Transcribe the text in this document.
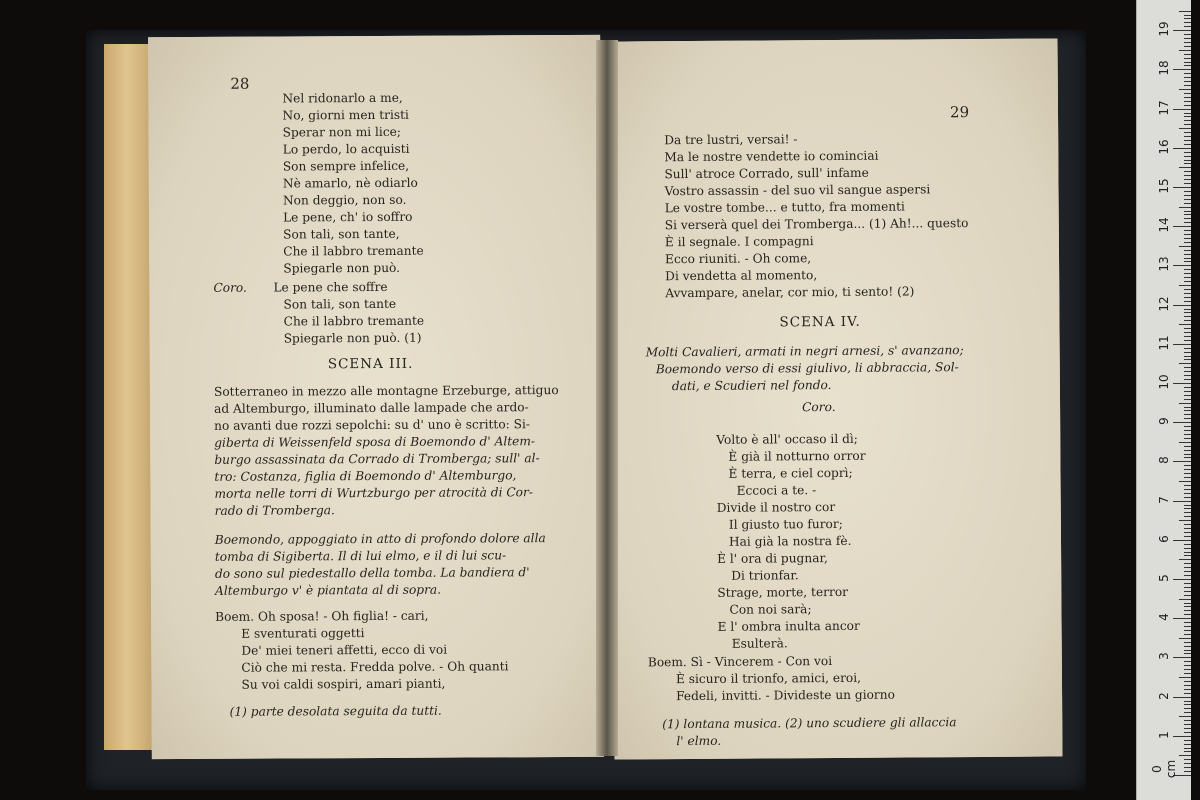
28
Nel ridonarlo a me,
No, giorni men tristi
Sperar non mi lice;
Lo perdo, lo acquisti
Son sempre infelice,
Nè amarlo, nè odiarlo
Non deggio, non so.
Le pene, ch' io soffro
Son tali, son tante,
Che il labbro tremante
Spiegarle non può.
Coro. Le pene che soffre
Son tali, son tante
Che il labbro tremante
Spiegarle non può. (1)
SCENA III.
Sotterraneo in mezzo alle montagne Erzeburge, attiguo
ad Altemburgo, illuminato dalle lampade che ardo-
no avanti due rozzi sepolchi: su d' uno è scritto: Si-
giberta di Weissenfeld sposa di Boemondo d' Altem-
burgo assassinata da Corrado di Tromberga; sull' al-
tro: Costanza, figlia di Boemondo d' Altemburgo,
morta nelle torri di Wurtzburgo per atrocità di Cor-
rado di Tromberga.
Boemondo, appoggiato in atto di profondo dolore alla
tomba di Sigiberta. Il di lui elmo, e il di lui scu-
do sono sul piedestallo della tomba. La bandiera d'
Altemburgo v' è piantata al di sopra.
Boem. Oh sposa! - Oh figlia! - cari,
E sventurati oggetti
De' miei teneri affetti, ecco di voi
Ciò che mi resta. Fredda polve. - Oh quanti
Su voi caldi sospiri, amari pianti,
(1) parte desolata seguita da tutti.
29
Da tre lustri, versai! -
Ma le nostre vendette io cominciai
Sull' atroce Corrado, sull' infame
Vostro assassin - del suo vil sangue aspersi
Le vostre tombe... e tutto, fra momenti
Si verserà quel dei Tromberga... (1) Ah!... questo
È il segnale. I compagni
Ecco riuniti. - Oh come,
Di vendetta al momento,
Avvampare, anelar, cor mio, ti sento! (2)
SCENA IV.
Molti Cavalieri, armati in negri arnesi, s' avanzano;
Boemondo verso di essi giulivo, li abbraccia, Sol-
dati, e Scudieri nel fondo.
Coro.
Volto è all' occaso il dì;
È già il notturno orror
È terra, e ciel coprì;
Eccoci a te. -
Divide il nostro cor
Il giusto tuo furor;
Hai già la nostra fè.
È l' ora di pugnar,
Di trionfar.
Strage, morte, terror
Con noi sarà;
E l' ombra inulta ancor
Esulterà.
Boem. Sì - Vincerem - Con voi
È sicuro il trionfo, amici, eroi,
Fedeli, invitti. - Divideste un giorno
(1) lontana musica. (2) uno scudiere gli allaccia
l' elmo.
0 cm
1
2
3
4
5
6
7
8
9
10
11
12
13
14
15
16
17
18
19
